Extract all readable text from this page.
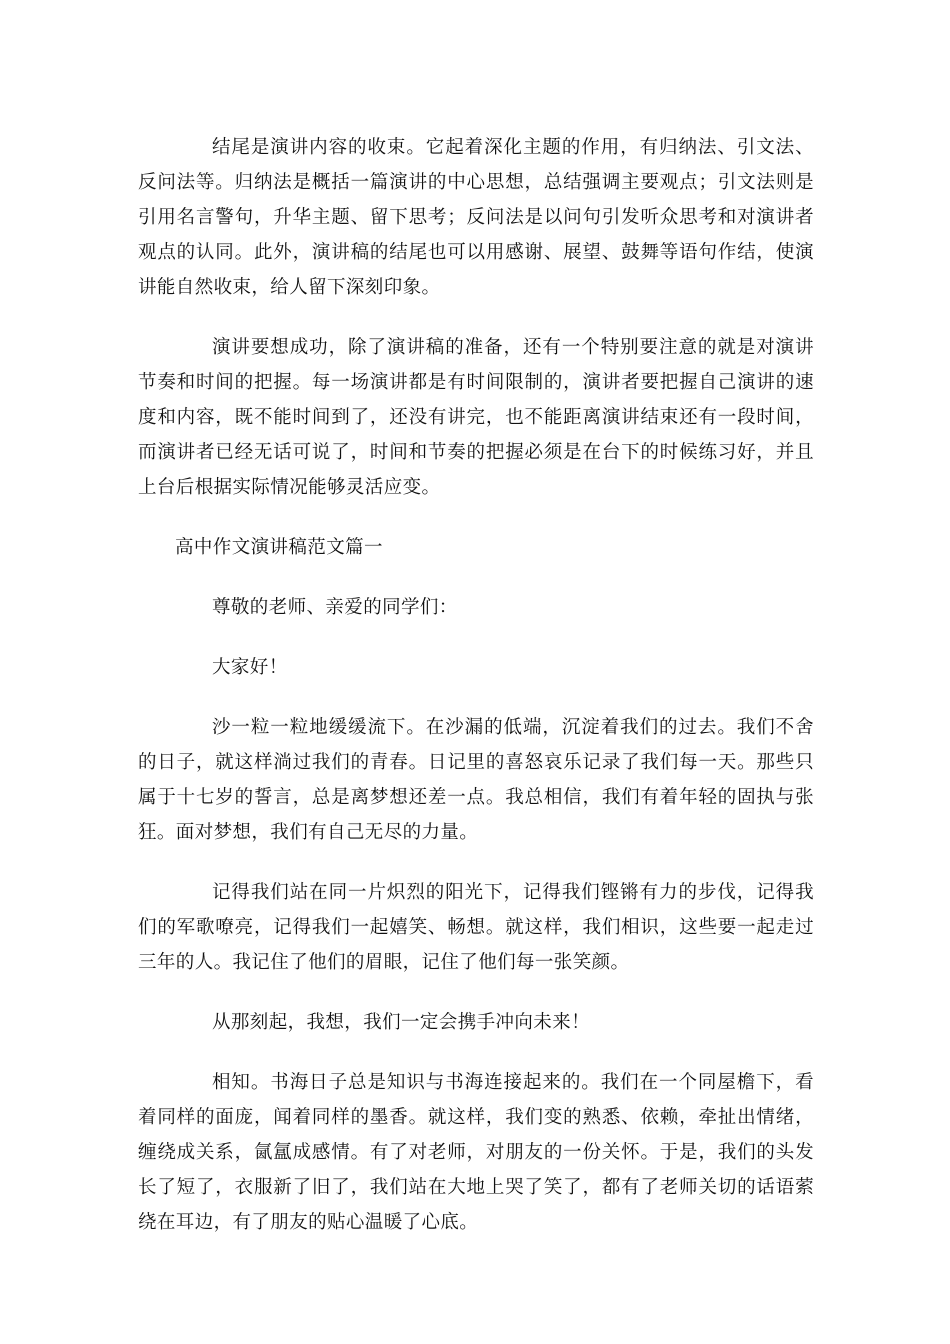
结尾是演讲内容的收束。它起着深化主题的作用，有归纳法、引文法、反问法等。归纳法是概括一篇演讲的中心思想，总结强调主要观点；引文法则是引用名言警句，升华主题、留下思考；反问法是以问句引发听众思考和对演讲者观点的认同。此外，演讲稿的结尾也可以用感谢、展望、鼓舞等语句作结，使演讲能自然收束，给人留下深刻印象。

演讲要想成功，除了演讲稿的准备，还有一个特别要注意的就是对演讲节奏和时间的把握。每一场演讲都是有时间限制的，演讲者要把握自己演讲的速度和内容，既不能时间到了，还没有讲完，也不能距离演讲结束还有一段时间，而演讲者已经无话可说了，时间和节奏的把握必须是在台下的时候练习好，并且上台后根据实际情况能够灵活应变。

高中作文演讲稿范文篇一

尊敬的老师、亲爱的同学们：

大家好！

沙一粒一粒地缓缓流下。在沙漏的低端，沉淀着我们的过去。我们不舍的日子，就这样淌过我们的青春。日记里的喜怒哀乐记录了我们每一天。那些只属于十七岁的誓言，总是离梦想还差一点。我总相信，我们有着年轻的固执与张狂。面对梦想，我们有自己无尽的力量。

记得我们站在同一片炽烈的阳光下，记得我们铿锵有力的步伐，记得我们的军歌嘹亮，记得我们一起嬉笑、畅想。就这样，我们相识，这些要一起走过三年的人。我记住了他们的眉眼，记住了他们每一张笑颜。

从那刻起，我想，我们一定会携手冲向未来！

相知。书海日子总是知识与书海连接起来的。我们在一个同屋檐下，看着同样的面庞，闻着同样的墨香。就这样，我们变的熟悉、依赖，牵扯出情绪，缠绕成关系，氤氲成感情。有了对老师，对朋友的一份关怀。于是，我们的头发长了短了，衣服新了旧了，我们站在大地上哭了笑了，都有了老师关切的话语萦绕在耳边，有了朋友的贴心温暖了心底。
